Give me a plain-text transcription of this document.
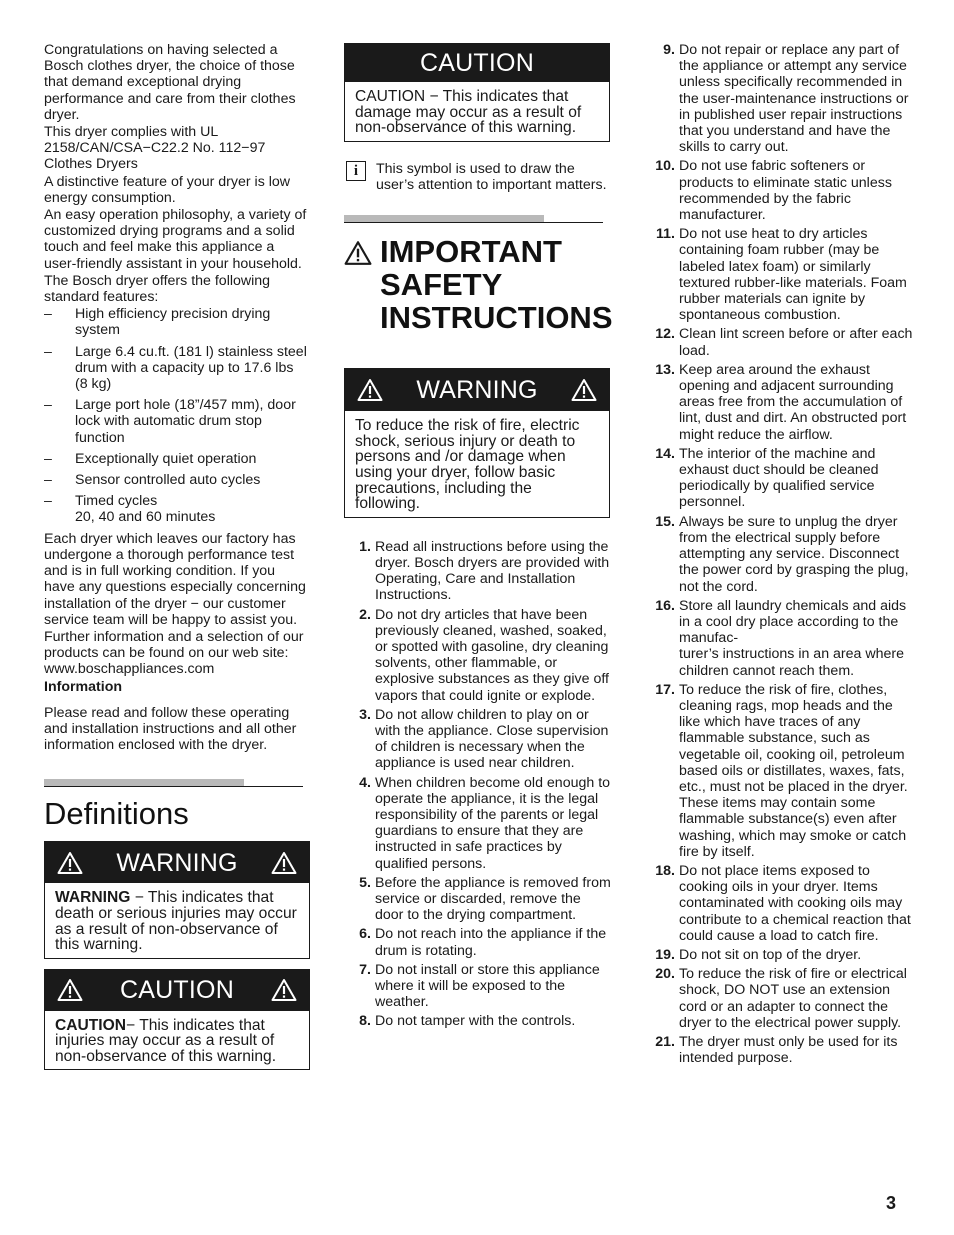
Congratulations on having selected a Bosch clothes dryer, the choice of those that demand exceptional drying performance and care from their clothes dryer.

This dryer complies with UL 2158/CAN/CSA−C22.2 No. 112−97 Clothes Dryers

A distinctive feature of your dryer is low energy consumption.

An easy operation philosophy, a variety of customized drying programs and a solid touch and feel make this appliance a user-friendly assistant in your household.

The Bosch dryer offers the following standard features:

– High efficiency precision drying system
– Large 6.4 cu.ft. (181 l) stainless steel drum with a capacity up to 17.6 lbs (8 kg)
– Large port hole (18”/457 mm), door lock with automatic drum stop function
– Exceptionally quiet operation
– Sensor controlled auto cycles
– Timed cycles
20, 40 and 60 minutes

Each dryer which leaves our factory has undergone a thorough performance test and is in full working condition. If you have any questions especially concerning installation of the dryer − our customer service team will be happy to assist you.

Further information and a selection of our products can be found on our web site:
www.boschappliances.com

Information

Please read and follow these operating and installation instructions and all other information enclosed with the dryer.

Definitions
WARNING
WARNING − This indicates that death or serious injuries may occur as a result of non-observance of this warning.
CAUTION
CAUTION− This indicates that injuries may occur as a result of non-observance of this warning.
CAUTION
CAUTION − This indicates that damage may occur as a result of non-observance of this warning.
i	This symbol is used to draw the user’s attention to important matters.
IMPORTANT SAFETY INSTRUCTIONS
WARNING
To reduce the risk of fire, electric shock, serious injury or death to persons and /or damage when using your dryer, follow basic precautions, including the following.
1. Read all instructions before using the dryer. Bosch dryers are provided with Operating, Care and Installation Instructions.
2. Do not dry articles that have been previously cleaned, washed, soaked, or spotted with gasoline, dry cleaning solvents, other flammable, or explosive substances as they give off vapors that could ignite or explode.
3. Do not allow children to play on or with the appliance. Close supervision of children is necessary when the appliance is used near children.
4. When children become old enough to operate the appliance, it is the legal responsibility of the parents or legal guardians to ensure that they are instructed in safe practices by qualified persons.
5. Before the appliance is removed from service or discarded, remove the door to the drying compartment.
6. Do not reach into the appliance if the drum is rotating.
7. Do not install or store this appliance where it will be exposed to the weather.
8. Do not tamper with the controls.
9. Do not repair or replace any part of the appliance or attempt any service unless specifically recommended in the user-maintenance instructions or in published user repair instructions that you understand and have the skills to carry out.
10. Do not use fabric softeners or products to eliminate static unless recommended by the fabric manufacturer.
11. Do not use heat to dry articles containing foam rubber (may be labeled latex foam) or similarly textured rubber-like materials. Foam rubber materials can ignite by spontaneous combustion.
12. Clean lint screen before or after each load.
13. Keep area around the exhaust opening and adjacent surrounding areas free from the accumulation of lint, dust and dirt. An obstructed port might reduce the airflow.
14. The interior of the machine and exhaust duct should be cleaned periodically by qualified service personnel.
15. Always be sure to unplug the dryer from the electrical supply before attempting any service. Disconnect the power cord by grasping the plug, not the cord.
16. Store all laundry chemicals and aids in a cool dry place according to the manufac-
turer’s instructions in an area where children cannot reach them.
17. To reduce the risk of fire, clothes, cleaning rags, mop heads and the like which have traces of any flammable substance, such as vegetable oil, cooking oil, petroleum based oils or distillates, waxes, fats, etc., must not be placed in the dryer. These items may contain some flammable substance(s) even after washing, which may smoke or catch fire by itself.
18. Do not place items exposed to cooking oils in your dryer. Items contaminated with cooking oils may contribute to a chemical reaction that could cause a load to catch fire.
19. Do not sit on top of the dryer.
20. To reduce the risk of fire or electrical shock, DO NOT use an extension cord or an adapter to connect the dryer to the electrical power supply.
21. The dryer must only be used for its intended purpose.
3
